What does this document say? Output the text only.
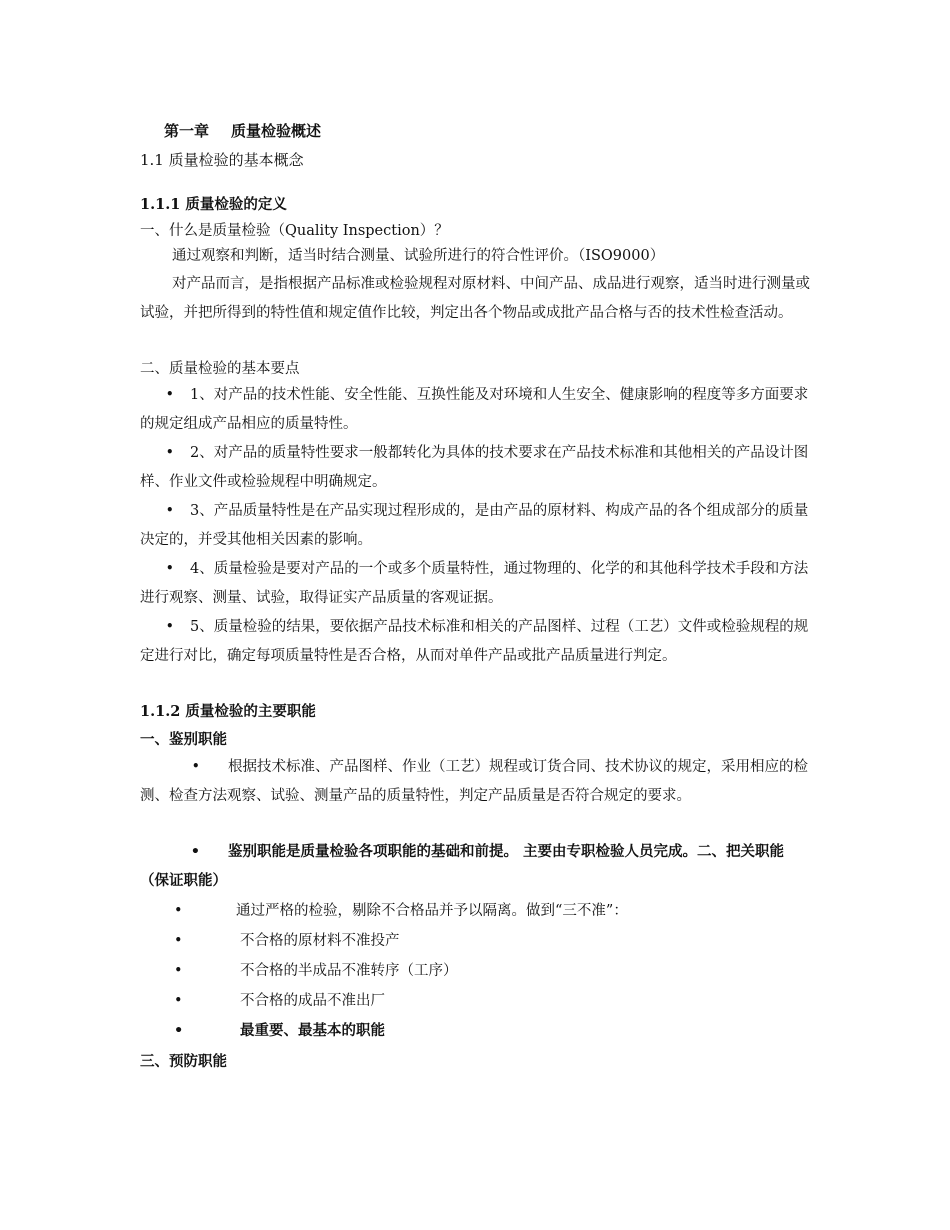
第一章 质量检验概述
1.1 质量检验的基本概念
1.1.1 质量检验的定义
一、什么是质量检验（Quality Inspection）？
通过观察和判断，适当时结合测量、试验所进行的符合性评价。（ISO9000）
对产品而言，是指根据产品标准或检验规程对原材料、中间产品、成品进行观察，适当时进行测量或试验，并把所得到的特性值和规定值作比较，判定出各个物品或成批产品合格与否的技术性检查活动。
二、质量检验的基本要点
• 1、对产品的技术性能、安全性能、互换性能及对环境和人生安全、健康影响的程度等多方面要求的规定组成产品相应的质量特性。
• 2、对产品的质量特性要求一般都转化为具体的技术要求在产品技术标准和其他相关的产品设计图样、作业文件或检验规程中明确规定。
• 3、产品质量特性是在产品实现过程形成的，是由产品的原材料、构成产品的各个组成部分的质量决定的，并受其他相关因素的影响。
• 4、质量检验是要对产品的一个或多个质量特性，通过物理的、化学的和其他科学技术手段和方法进行观察、测量、试验，取得证实产品质量的客观证据。
• 5、质量检验的结果，要依据产品技术标准和相关的产品图样、过程（工艺）文件或检验规程的规定进行对比，确定每项质量特性是否合格，从而对单件产品或批产品质量进行判定。
1.1.2 质量检验的主要职能
一、鉴别职能
• 根据技术标准、产品图样、作业（工艺）规程或订货合同、技术协议的规定，采用相应的检测、检查方法观察、试验、测量产品的质量特性，判定产品质量是否符合规定的要求。
• 鉴别职能是质量检验各项职能的基础和前提。 主要由专职检验人员完成。二、把关职能（保证职能）
•	通过严格的检验，剔除不合格品并予以隔离。做到“三不准”：
•	不合格的原材料不准投产
•	不合格的半成品不准转序（工序）
•	不合格的成品不准出厂
•	最重要、最基本的职能
三、预防职能
